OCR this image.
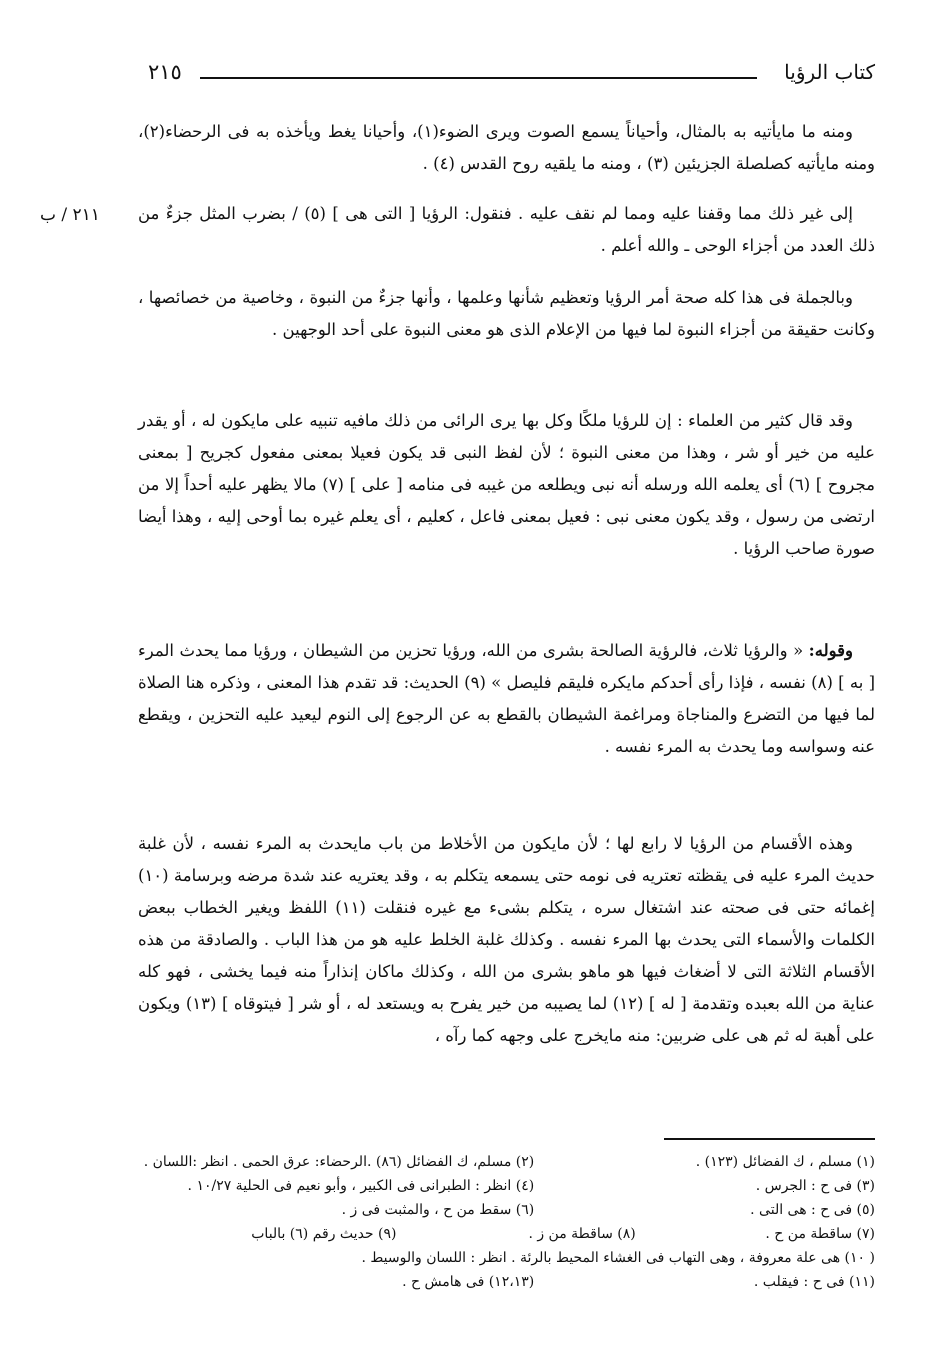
كتاب الرؤيا
٢١٥
٢١١ / ب

ومنه ما مايأتيه به بالمثال، وأحياناً يسمع الصوت ويرى الضوء(١)، وأحيانا يغط ويأخذه به فى الرحضاء(٢)، ومنه مايأتيه كصلصلة الجزيئين (٣) ، ومنه ما يلقيه روح القدس (٤) .

إلى غير ذلك مما وقفنا عليه ومما لم نقف عليه . فنقول: الرؤيا [ التى هى ] (٥) / بضرب المثل جزءٌ من ذلك العدد من أجزاء الوحى ـ والله أعلم .

وبالجملة فى هذا كله صحة أمر الرؤيا وتعظيم شأنها وعلمها ، وأنها جزءٌ من النبوة ، وخاصية من خصائصها ، وكانت حقيقة من أجزاء النبوة لما فيها من الإعلام الذى هو معنى النبوة على أحد الوجهين .

وقد قال كثير من العلماء : إن للرؤيا ملكًا وكل بها يرى الرائى من ذلك مافيه تنبيه على مايكون له ، أو يقدر عليه من خير أو شر ، وهذا من معنى النبوة ؛ لأن لفظ النبى قد يكون فعيلا بمعنى مفعول كجريح [ بمعنى مجروح ] (٦) أى يعلمه الله ورسله أنه نبى ويطلعه من غيبه فى منامه [ على ] (٧) مالا يظهر عليه أحداً إلا من ارتضى من رسول ، وقد يكون معنى نبى : فعيل بمعنى فاعل ، كعليم ، أى يعلم غيره بما أوحى إليه ، وهذا أيضا صورة صاحب الرؤيا .

وقوله: « والرؤيا ثلاث، فالرؤية الصالحة بشرى من الله، ورؤيا تحزين من الشيطان ، ورؤيا مما يحدث المرء [ به ] (٨) نفسه ، فإذا رأى أحدكم مايكره فليقم فليصل » (٩) الحديث: قد تقدم هذا المعنى ، وذكره هنا الصلاة لما فيها من التضرع والمناجاة ومراغمة الشيطان بالقطع به عن الرجوع إلى النوم ليعيد عليه التحزين ، ويقطع عنه وسواسه وما يحدث به المرء نفسه .

وهذه الأقسام من الرؤيا لا رابع لها ؛ لأن مايكون من الأخلاط من باب مايحدث به المرء نفسه ، لأن غلبة حديث المرء عليه فى يقظته تعتريه فى نومه حتى يسمعه يتكلم به ، وقد يعتريه عند شدة مرضه وبرسامة (١٠) إغمائه حتى فى صحته عند اشتغال سره ، يتكلم بشىء مع غيره فنقلت (١١) اللفظ ويغير الخطاب ببعض الكلمات والأسماء التى يحدث بها المرء نفسه . وكذلك غلبة الخلط عليه هو من هذا الباب . والصادقة من هذه الأقسام الثلاثة التى لا أضغاث فيها هو ماهو بشرى من الله ، وكذلك ماكان إنذاراً منه فيما يخشى ، فهو كله عناية من الله بعبده وتقدمة [ له ] (١٢) لما يصيبه من خير يفرح به ويستعد له ، أو شر [ فيتوقاه ] (١٣) ويكون على أهبة له ثم هى على ضربين: منه مايخرج على وجهه كما رآه ،

(١) مسلم ، ك الفضائل (١٢٣) .
(٢) مسلم، ك الفضائل (٨٦) .الرحضاء: عرق الحمى . انظر :اللسان .
(٣) فى ح : الجرس .
(٤) انظر : الطبرانى فى الكبير ، وأبو نعيم فى الحلية ١٠/٢٧ .
(٥) فى ح : هى التى .
(٦) سقط من ح ، والمثبت فى ز .
(٧) ساقطة من ح .
(٨) ساقطة من ز .
(٩) حديث رقم (٦) بالباب
( ١٠) هى علة معروفة ، وهى التهاب فى الغشاء المحيط بالرئة . انظر : اللسان والوسيط .
(١١) فى ح : فيقلب .
(١٢،١٣) فى هامش ح .
